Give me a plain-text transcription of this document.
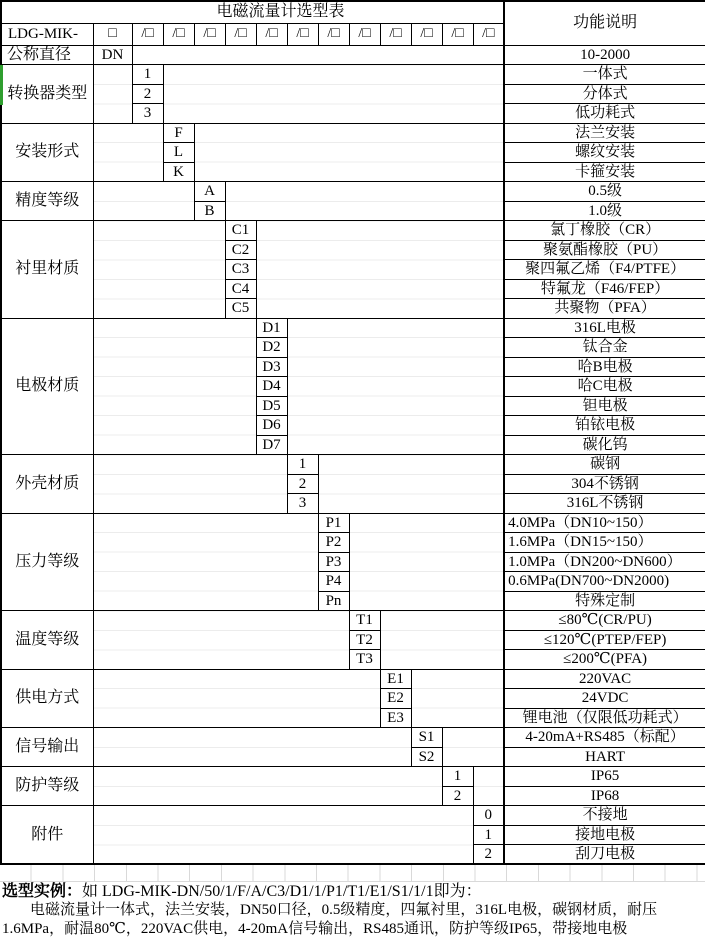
电磁流量计选型表														功能说明
LDG-MIK-	□	/□	/□	/□	/□	/□	/□	/□	/□	/□	/□	/□	/□	
公称直径	DN													10-2000
转换器类型		1												一体式
		2												分体式
		3												低功耗式
安装形式			F											法兰安装
			L											螺纹安装
			K											卡箍安装
精度等级				A										0.5级
				B										1.0级
衬里材质					C1									氯丁橡胶（CR）
					C2									聚氨酯橡胶（PU）
					C3									聚四氟乙烯（F4/PTFE）
					C4									特氟龙（F46/FEP）
					C5									共聚物（PFA）
电极材质						D1								316L电极
						D2								钛合金
						D3								哈B电极
						D4								哈C电极
						D5								钽电极
						D6								铂铱电极
						D7								碳化钨
外壳材质							1							碳钢
							2							304不锈钢
							3							316L不锈钢
压力等级								P1						4.0MPa（DN10~150）
								P2						1.6MPa（DN15~150）
								P3						1.0MPa（DN200~DN600）
								P4						0.6MPa(DN700~DN2000)
								Pn						特殊定制
温度等级									T1					≤80℃(CR/PU)
									T2					≤120℃(PTEP/FEP)
									T3					≤200℃(PFA)
供电方式										E1				220VAC
										E2				24VDC
										E3				锂电池（仅限低功耗式）
信号输出											S1			4-20mA+RS485（标配）
											S2			HART
防护等级												1		IP65
												2		IP68
附件													0	不接地
													1	接地电极
													2	刮刀电极
选型实例：如 LDG-MIK-DN/50/1/F/A/C3/D1/1/P1/T1/E1/S1/1/1即为：
电磁流量计一体式，法兰安装，DN50口径，0.5级精度，四氟衬里，316L电极，碳钢材质，耐压
1.6MPa，耐温80℃，220VAC供电，4-20mA信号输出，RS485通讯，防护等级IP65，带接地电极
